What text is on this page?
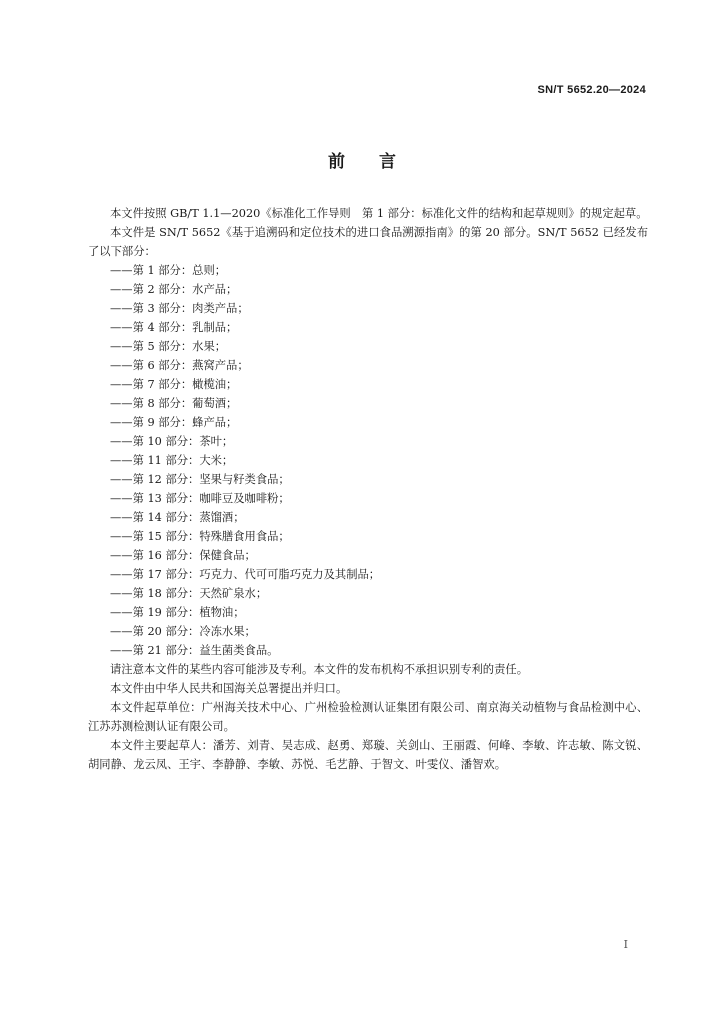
SN/T 5652.20—2024
前　　言

本文件按照 GB/T 1.1—2020《标准化工作导则　第 1 部分：标准化文件的结构和起草规则》的规定起草。

本文件是 SN/T 5652《基于追溯码和定位技术的进口食品溯源指南》的第 20 部分。SN/T 5652 已经发布了以下部分：

——第 1 部分：总则；
——第 2 部分：水产品；
——第 3 部分：肉类产品；
——第 4 部分：乳制品；
——第 5 部分：水果；
——第 6 部分：燕窝产品；
——第 7 部分：橄榄油；
——第 8 部分：葡萄酒；
——第 9 部分：蜂产品；
——第 10 部分：茶叶；
——第 11 部分：大米；
——第 12 部分：坚果与籽类食品；
——第 13 部分：咖啡豆及咖啡粉；
——第 14 部分：蒸馏酒；
——第 15 部分：特殊膳食用食品；
——第 16 部分：保健食品；
——第 17 部分：巧克力、代可可脂巧克力及其制品；
——第 18 部分：天然矿泉水；
——第 19 部分：植物油；
——第 20 部分：冷冻水果；
——第 21 部分：益生菌类食品。

请注意本文件的某些内容可能涉及专利。本文件的发布机构不承担识别专利的责任。

本文件由中华人民共和国海关总署提出并归口。

本文件起草单位：广州海关技术中心、广州检验检测认证集团有限公司、南京海关动植物与食品检测中心、江苏苏测检测认证有限公司。

本文件主要起草人：潘芳、刘青、吴志成、赵勇、郑璇、关剑山、王丽霞、何峰、李敏、许志敏、陈文锐、胡同静、龙云凤、王宇、李静静、李敏、苏悦、毛艺静、于智文、叶雯仪、潘智欢。

I
